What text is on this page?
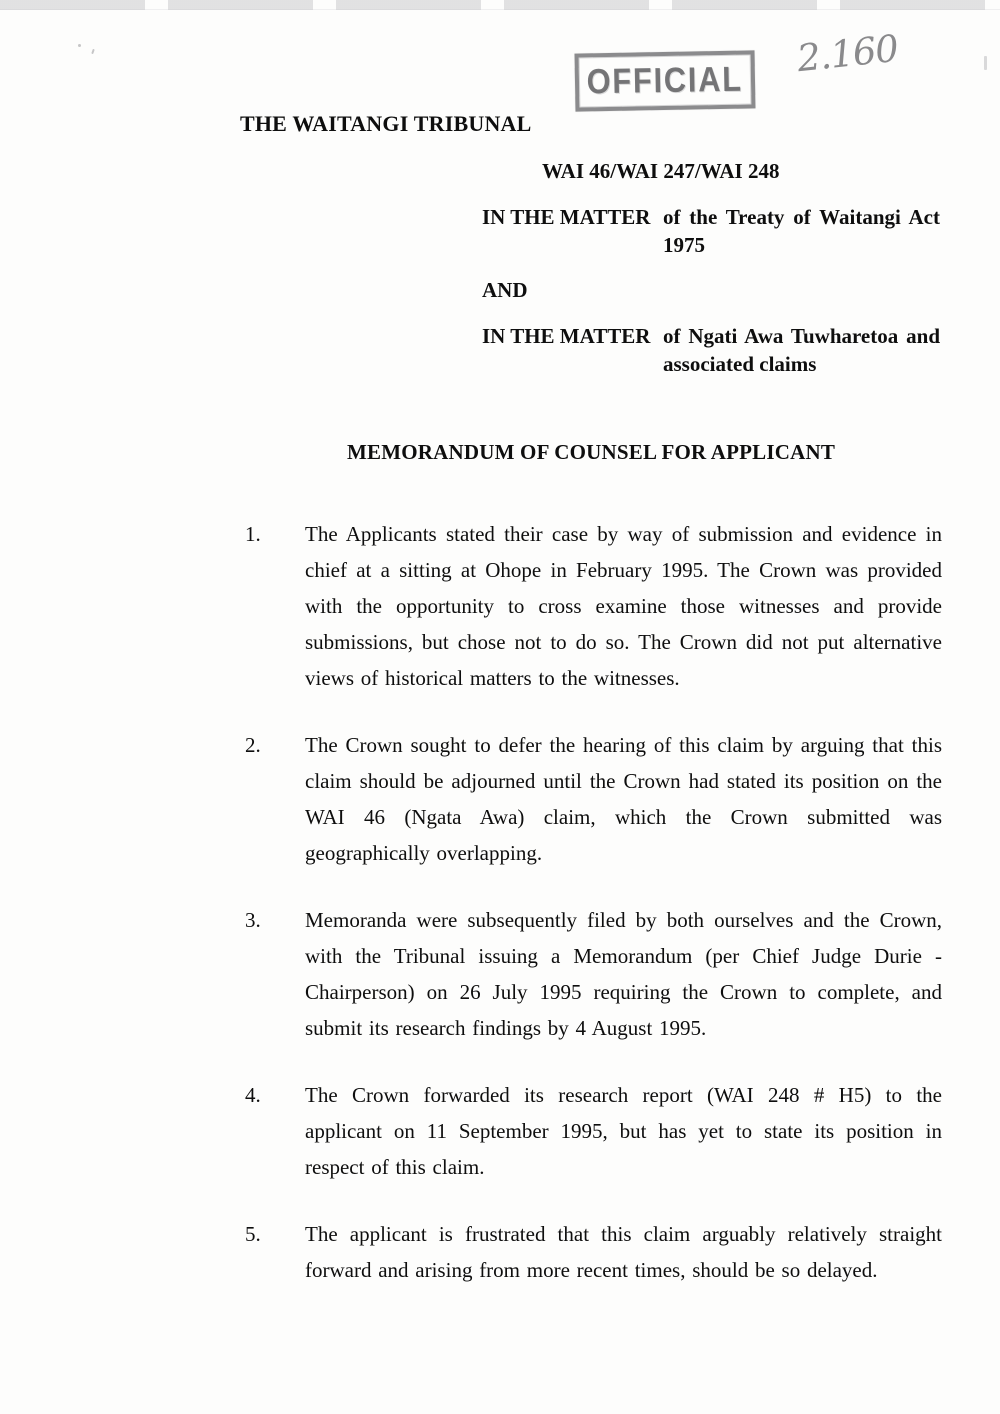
OFFICIAL
2.160
THE WAITANGI TRIBUNAL
WAI 46/WAI 247/WAI 248
IN THE MATTER of the Treaty of Waitangi Act 1975
AND
IN THE MATTER of Ngati Awa Tuwharetoa and associated claims
MEMORANDUM OF COUNSEL FOR APPLICANT
1.	The Applicants stated their case by way of submission and evidence in chief at a sitting at Ohope in February 1995. The Crown was provided with the opportunity to cross examine those witnesses and provide submissions, but chose not to do so. The Crown did not put alternative views of historical matters to the witnesses.
2.	The Crown sought to defer the hearing of this claim by arguing that this claim should be adjourned until the Crown had stated its position on the WAI 46 (Ngata Awa) claim, which the Crown submitted was geographically overlapping.
3.	Memoranda were subsequently filed by both ourselves and the Crown, with the Tribunal issuing a Memorandum (per Chief Judge Durie - Chairperson) on 26 July 1995 requiring the Crown to complete, and submit its research findings by 4 August 1995.
4.	The Crown forwarded its research report (WAI 248 # H5) to the applicant on 11 September 1995, but has yet to state its position in respect of this claim.
5.	The applicant is frustrated that this claim arguably relatively straight forward and arising from more recent times, should be so delayed.
